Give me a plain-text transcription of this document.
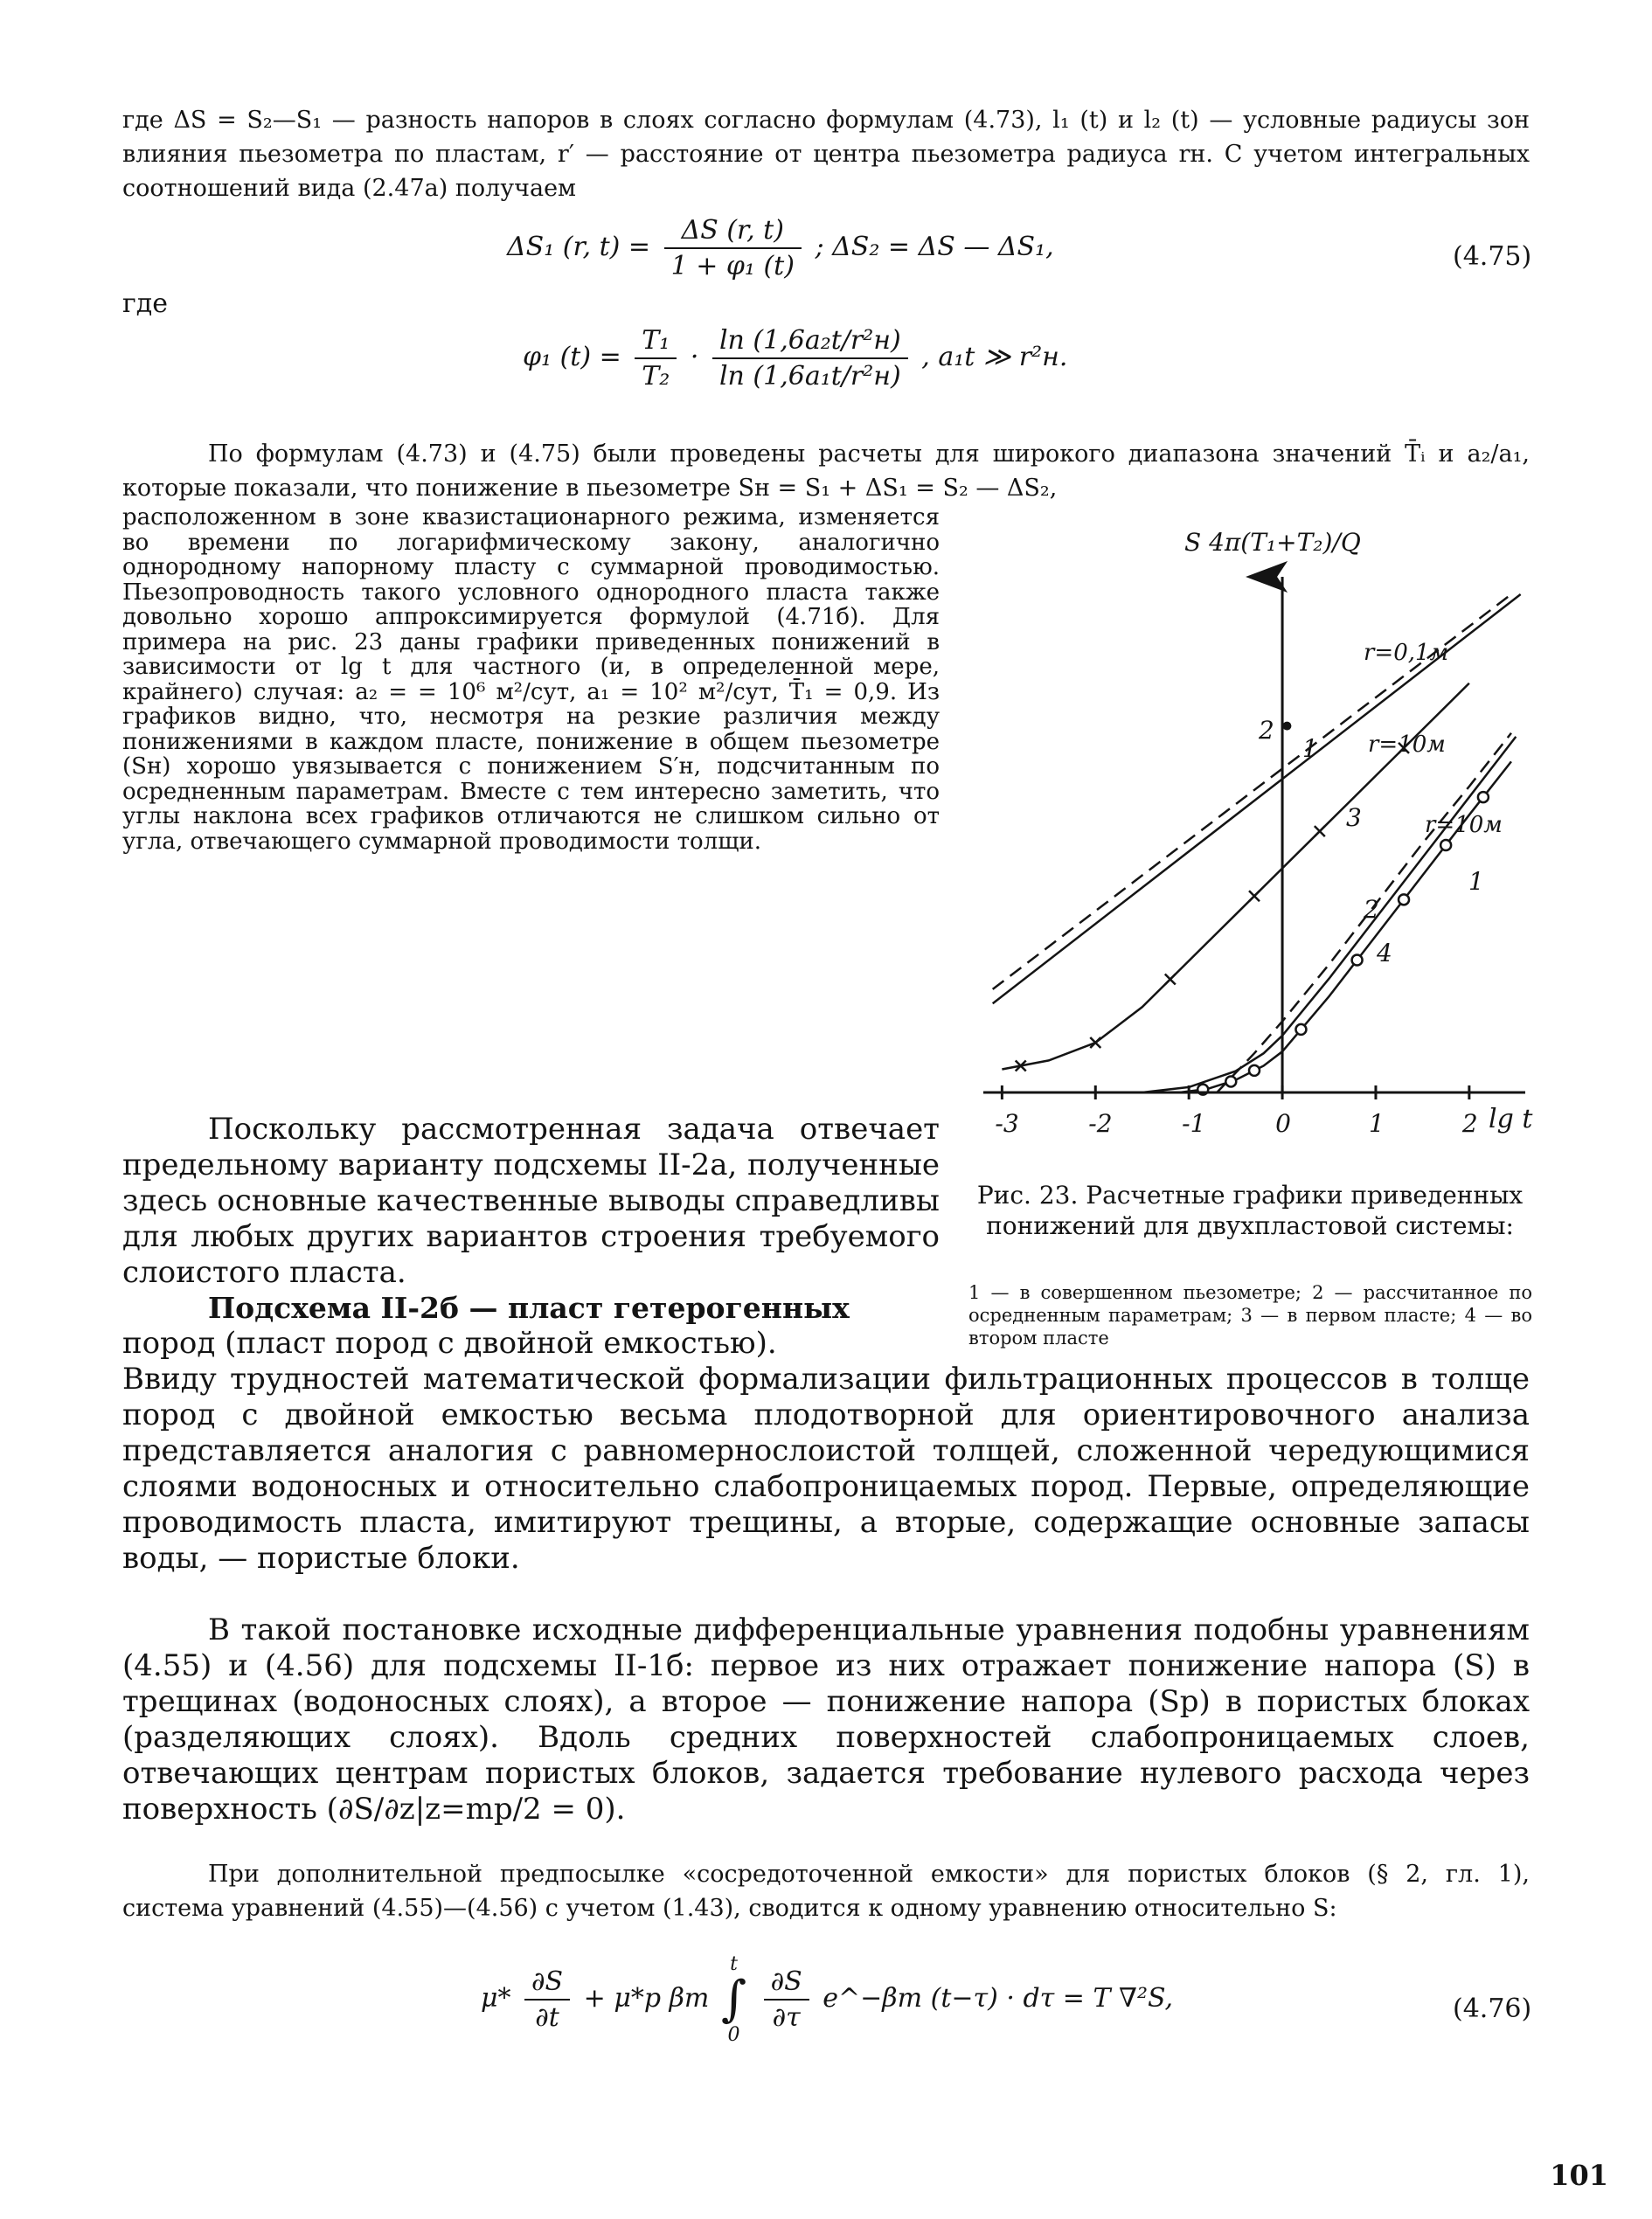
где ΔS = S₂—S₁ — разность напоров в слоях согласно формулам (4.73), l₁ (t) и l₂ (t) — условные радиусы зон влияния пьезометра по пластам, r′ — расстояние от центра пьезометра радиуса rн. С учетом интегральных соотношений вида (2.47а) получаем

ΔS₁ (r, $t) = \frac{\Delta S (r, t)}{\text{1 + φ₁ (t)}}$ ; ΔS₂ = ΔS — ΔS₁,	(4.75)
где
φ₁ $(t) = \frac{\text{T₁}}{\text{T₂}} \cdot \frac{\text{ln (1,6a₂t/r²н)}}{\text{ln (1,6a₁t/r²н)}}$ , a₁t ≫ r²н.

По формулам (4.73) и (4.75) были проведены расчеты для широкого диапазона значений T̄ᵢ и a₂/a₁, которые показали, что понижение в пьезометре Sн = S₁ + ΔS₁ = S₂ — ΔS₂,

расположенном в зоне квазистационарного режима, изменяется во времени по логарифмическому закону, аналогично однородному напорному пласту с суммарной проводимостью. Пьезопроводность такого условного однородного пласта также довольно хорошо аппроксимируется формулой (4.71б). Для примера на рис. 23 даны графики приведенных понижений в зависимости от lg t для частного (и, в определенной мере, крайнего) случая: a₂ = = 10⁶ м²/сут, a₁ = 10² м²/сут, T̄₁ = 0,9. Из графиков видно, что, несмотря на резкие различия между понижениями в каждом пласте, понижение в общем пьезометре (Sн) хорошо увязывается с понижением S′н, подсчитанным по осредненным параметрам. Вместе с тем интересно заметить, что углы наклона всех графиков отличаются не слишком сильно от угла, отвечающего суммарной проводимости толщи.

-3	-2	-1	0	1	2
S 4π(T₁+T₂)/Q
lg t
2
1
3
2
4
1
r=0,1м
r=10м
r=10м
Рис. 23. Расчетные графики приведенных понижений для двухпластовой системы:
1 — в совершенном пьезометре; 2 — рассчитанное по осредненным параметрам; 3 — в первом пласте; 4 — во втором пласте

Поскольку рассмотренная задача отвечает предельному варианту подсхемы II-2а, полученные здесь основные качественные выводы справедливы для любых других вариантов строения требуемого слоистого пласта.

Подсхема II-2б — пласт гетерогенных

пород (пласт пород с двойной емкостью).

Ввиду трудностей математической формализации фильтрационных процессов в толще пород с двойной емкостью весьма плодотворной для ориентировочного анализа представляется аналогия с равномернослоистой толщей, сложенной чередующимися слоями водоносных и относительно слабопроницаемых пород. Первые, определяющие проводимость пласта, имитируют трещины, а вторые, содержащие основные запасы воды, — пористые блоки.

В такой постановке исходные дифференциальные уравнения подобны уравнениям (4.55) и (4.56) для подсхемы II-1б: первое из них отражает понижение напора (S) в трещинах (водоносных слоях), а второе — понижение напора (Sр) в пористых блоках (разделяющих слоях). Вдоль средних поверхностей слабопроницаемых слоев, отвечающих центрам пористых блоков, задается требование нулевого расхода через поверхность (∂S/∂z|z=mр/2 = 0).

При дополнительной предпосылке «сосредоточенной емкости» для пористых блоков (§ 2, гл. 1), система уравнений (4.55)—(4.56) с учетом (1.43), сводится к одному уравнению относительно S:

$\mu* \frac{\partial S}{\partial t} + \mu*р$ βт
t
∫
0

$\frac{\partial S}{\partial\tau}$ e^−βт (t−τ) · dτ = T ∇²S,	(4.76)
101
